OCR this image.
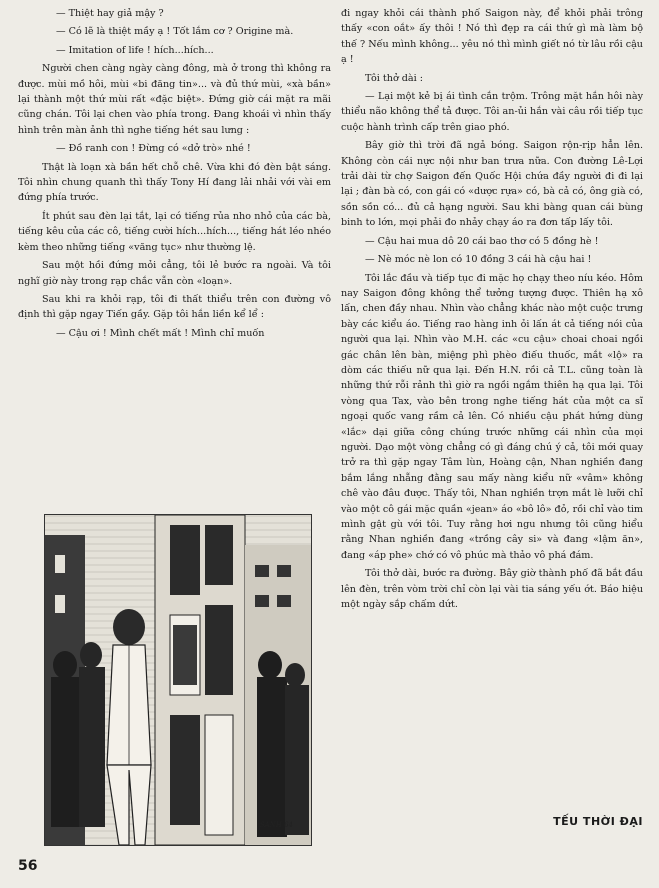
— Thiệt hay giả mậy ?

— Có lẽ là thiệt mầy ạ ! Tốt lắm cơ ? Origine mà.

— Imitation of life ! hích...hích...

Người chen càng ngày càng đông, mà ở trong thì không ra được. mùi mồ hôi, mùi «bi đăng tin»... và đủ thứ mùi, «xà bần» lại thành một thứ mùi rất «đặc biệt». Đứng giờ cái mặt ra mãi cũng chán. Tôi lại chen vào phía trong. Đang khoái vì nhìn thấy hình trên màn ảnh thì nghe tiếng hét sau lưng :

— Đồ ranh con ! Đừng có «dở trò» nhé !

Thật là loạn xà bần hết chỗ chê. Vừa khi đó đèn bật sáng. Tôi nhìn chung quanh thì thấy Tony Hí đang lải nhải với vài em đứng phía trước.

Ít phút sau đèn lại tắt, lại có tiếng rủa nho nhỏ của các bà, tiếng kêu của các cô, tiếng cười hích...hích..., tiếng hát léo nhéo kèm theo những tiếng «văng tục» như thường lệ.

Sau một hồi đứng mỏi cẳng, tôi lẻ bước ra ngoài. Và tôi nghĩ giờ này trong rạp chắc vẫn còn «loạn».

Sau khi ra khỏi rạp, tôi đi thất thiểu trên con đường vô định thì gặp ngay Tiến gầy. Gặp tôi hắn liền kể lể :

— Cậu ơi ! Mình chết mất ! Mình chỉ muốn

SANH 64

đi ngay khỏi cái thành phố Saigon này, để khỏi phải trông thấy «con oắt» ấy thôi ! Nó thì đẹp ra cái thứ gì mà làm bộ thế ? Nếu mình không... yêu nó thì mình giết nó từ lâu rồi cậu ạ !

Tôi thở dài :

— Lại một kẻ bị ái tình cắn trộm. Trông mặt hắn hôi này thiểu não không thể tả được. Tôi an-ủi hắn vài câu rồi tiếp tục cuộc hành trình cấp trên giao phó.

Bây giờ thì trời đã ngả bóng. Saigon rộn-rịp hẳn lên. Không còn cái nực nội như ban trưa nữa. Con đường Lê-Lợi trải dài từ chợ Saigon đến Quốc Hội chứa đầy người đi đi lại lại ; đàn bà có, con gái có «dược rựa» có, bà cả có, ông già có, sồn sồn có... đủ cả hạng người. Sau khi bàng quan cái bùng binh to lớn, mọi phải đo nhảy chạy áo ra đơn tấp lấy tôi.

— Cậu hai mua dô 20 cái bao thơ có 5 đồng hè !

— Nè móc nè lon có 10 đồng 3 cái hà cậu hai !

Tôi lắc đầu và tiếp tục đi mặc họ chạy theo níu kéo. Hôm nay Saigon đông không thể tưởng tượng được. Thiên hạ xô lấn, chen đầy nhau. Nhìn vào chẳng khác nào một cuộc trưng bày các kiểu áo. Tiếng rao hàng inh ỏi lấn át cả tiếng nói của người qua lại. Nhìn vào M.H. các «cu cậu» choai choai ngồi gác chân lên bàn, miệng phì phèo điếu thuốc, mắt «lộ» ra dòm các thiếu nữ qua lại. Đến H.N. rồi cả T.L. cũng toàn là những thứ rỗi rảnh thì giờ ra ngồi ngắm thiên hạ qua lại. Tôi vòng qua Tax, vào bên trong nghe tiếng hát của một ca sĩ ngoại quốc vang rầm cả lên. Có nhiều cậu phát hứng dùng «lắc» dại giữa công chúng trước những cái nhìn của mọi người. Dạo một vòng chẳng có gì đáng chú ý cả, tôi mới quay trở ra thì gặp ngay Tâm lùn, Hoàng cận, Nhan nghiền đang bắm lắng nhẵng đằng sau mấy nàng kiểu nữ «vâm» không chê vào đâu được. Thấy tôi, Nhan nghiền trợn mắt lè lưỡi chỉ vào một cô gái mặc quần «jean» áo «bô lô» đỏ, rồi chỉ vào tim mình gật gù với tôi. Tuy rằng hơi ngu nhưng tôi cũng hiểu rằng Nhan nghiền đang «trồng cây si» và đang «lậm ăn», đang «áp phe» chớ có vô phúc mà thảo vô phá đám.

Tôi thở dài, bước ra đường. Bây giờ thành phố đã bắt đầu lên đèn, trên vòm trời chỉ còn lại vài tia sáng yếu ớt. Báo hiệu một ngày sắp chấm dứt.

TẾU THỜI ĐẠI
56
